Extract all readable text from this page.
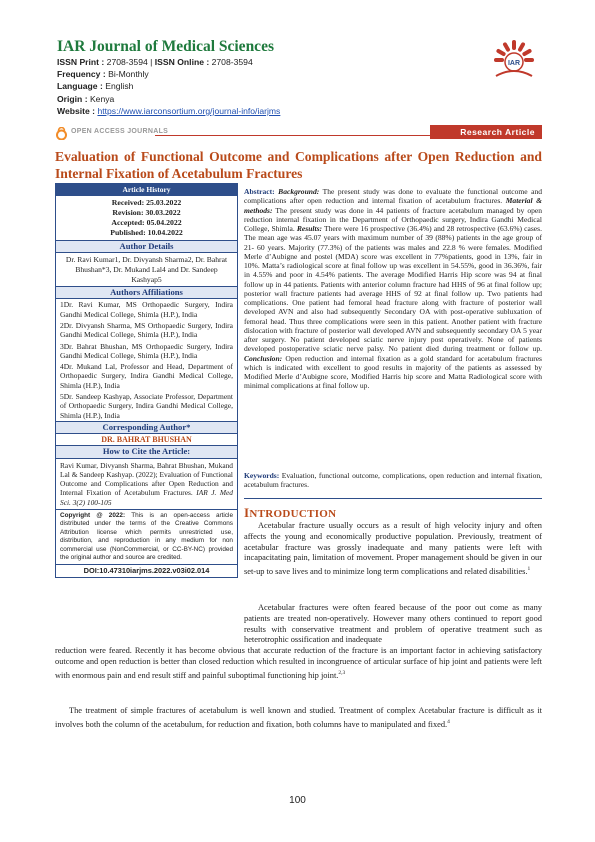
IAR Journal of Medical Sciences
ISSN Print : 2708-3594 | ISSN Online : 2708-3594
Frequency : Bi-Monthly
Language : English
Origin : Kenya
Website : https://www.iarconsortium.org/journal-info/iarjms
IAR
OPEN ACCESS JOURNALS	Research Article
Evaluation of Functional Outcome and Complications after Open Reduction and Internal Fixation of Acetabulum Fractures
Article History
Received: 25.03.2022
Revision: 30.03.2022
Accepted: 05.04.2022
Published: 10.04.2022
Author Details
Dr. Ravi Kumar1, Dr. Divyansh Sharma2, Dr. Bahrat Bhushan*3, Dr. Mukand Lal4 and Dr. Sandeep Kashyap5
Authors Affiliations
1Dr. Ravi Kumar, MS Orthopaedic Surgery, Indira Gandhi Medical College, Shimla (H.P.), India
2Dr. Divyansh Sharma, MS Orthopaedic Surgery, Indira Gandhi Medical College, Shimla (H.P.), India
3Dr. Bahrat Bhushan, MS Orthopaedic Surgery, Indira Gandhi Medical College, Shimla (H.P.), India
4Dr. Mukand Lal, Professor and Head, Department of Orthopaedic Surgery, Indira Gandhi Medical College, Shimla (H.P.), India
5Dr. Sandeep Kashyap, Associate Professor, Department of Orthopaedic Surgery, Indira Gandhi Medical College, Shimla (H.P.), India
Corresponding Author*
DR. BAHRAT BHUSHAN
How to Cite the Article:
Ravi Kumar, Divyansh Sharma, Bahrat Bhushan, Mukand Lal & Sandeep Kashyap. (2022); Evaluation of Functional Outcome and Complications after Open Reduction and Internal Fixation of Acetabulum Fractures. IAR J. Med Sci. 3(2) 100-105
Copyright @ 2022: This is an open-access article distributed under the terms of the Creative Commons Attribution license which permits unrestricted use, distribution, and reproduction in any medium for non commercial use (NonCommercial, or CC-BY-NC) provided the original author and source are credited.
DOI:10.47310iarjms.2022.v03i02.014
Abstract: Background: The present study was done to evaluate the functional outcome and complications after open reduction and internal fixation of acetabulum fractures. Material & methods: The present study was done in 44 patients of fracture acetabulum managed by open reduction internal fixation in the Department of Orthopaedic surgery, Indira Gandhi Medical College, Shimla. Results: There were 16 prospective (36.4%) and 28 retrospective (63.6%) cases. The mean age was 45.07 years with maximum number of 39 (88%) patients in the age group of 21- 60 years. Majority (77.3%) of the patients was males and 22.8 % were females. Modified Merle d’Aubigne and postel (MDA) score was excellent in 77%patients, good in 13%, fair in 10%. Matta’s radiological score at final follow up was excellent in 54.55%, good in 36.36%, fair in 4.55% and poor in 4.54% patients. The average Modified Harris Hip score was 94 at final follow up in 44 patients. Patients with anterior column fracture had HHS of 96 at final follow up; posterior wall fracture patients had average HHS of 92 at final follow up. Two patients had complications. One patient had femoral head fracture along with fracture of posterior wall developed AVN and also had subsequently Secondary OA with post-operative subluxation of femoral head. Thus three complications were seen in this patient. Another patient with fracture dislocation with fracture of posterior wall developed AVN and subsequently secondary OA 5 year after surgery. No patient developed sciatic nerve injury post operatively. None of patients developed postoperative sciatic nerve palsy. No patient died during treatment or follow up. Conclusion: Open reduction and internal fixation as a gold standard for acetabulum fractures which is indicated with excellent to good results in majority of the patients as assessed by Modified Merle d’Aubigne score, Modified Harris hip score and Matta Radiological score with minimal complications at final follow up.
Keywords: Evaluation, functional outcome, complications, open reduction and internal fixation, acetabulum fractures.
INTRODUCTION
Acetabular fracture usually occurs as a result of high velocity injury and often affects the young and economically productive population. Previously, treatment of acetabular fracture was grossly inadequate and many patients were left with incapacitating pain, limitation of movement. Proper management should be given in our set-up to save lives and to minimize long term complications and related disabilities.$^1$
Acetabular fractures were often feared because of the poor out come as many patients are treated non-operatively. However many others continued to report good results with conservative treatment and problem of operative treatment such as heterotrophic ossification and inadequate
reduction were feared. Recently it has become obvious that accurate reduction of the fracture is an important factor in achieving satisfactory outcome and open reduction is better than closed reduction which resulted in incongruence of articular surface of hip joint and patients were left with enormous pain and end result stiff and painful suboptimal functioning hip joint.$^{2,3}$
The treatment of simple fractures of acetabulum is well known and studied. Treatment of complex Acetabular fracture is difficult as it involves both the column of the acetabulum, for reduction and fixation, both columns have to manipulated and fixed.$^4$
100
